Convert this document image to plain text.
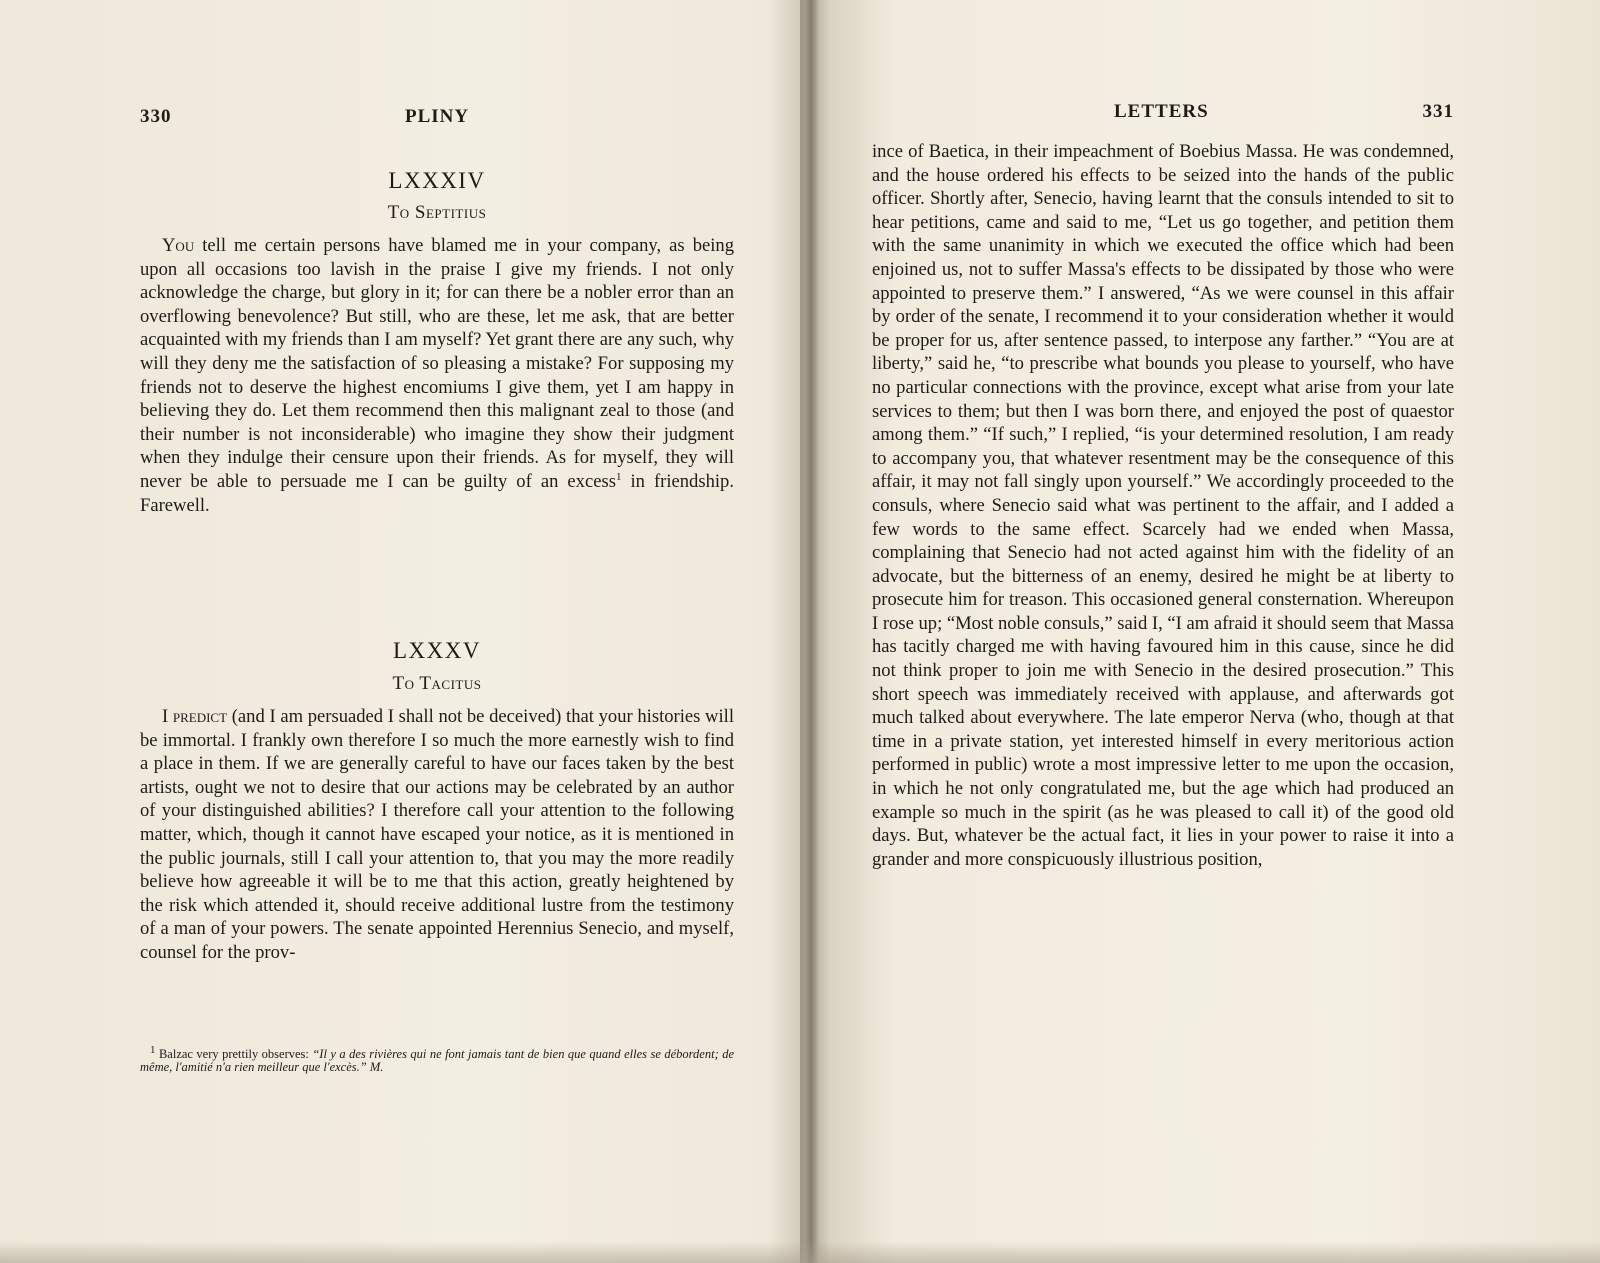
330	PLINY
LXXXIV
To Septitius

You tell me certain persons have blamed me in your company, as being upon all occasions too lavish in the praise I give my friends. I not only acknowledge the charge, but glory in it; for can there be a nobler error than an overflowing benevolence? But still, who are these, let me ask, that are better acquainted with my friends than I am myself? Yet grant there are any such, why will they deny me the satisfaction of so pleasing a mistake? For supposing my friends not to deserve the highest encomiums I give them, yet I am happy in believing they do. Let them recommend then this malignant zeal to those (and their number is not inconsiderable) who imagine they show their judgment when they indulge their censure upon their friends. As for myself, they will never be able to persuade me I can be guilty of an excess$^1$ in friendship. Farewell.

LXXXV
To Tacitus

I predict (and I am persuaded I shall not be deceived) that your histories will be immortal. I frankly own therefore I so much the more earnestly wish to find a place in them. If we are generally careful to have our faces taken by the best artists, ought we not to desire that our actions may be celebrated by an author of your distinguished abilities? I therefore call your attention to the following matter, which, though it cannot have escaped your notice, as it is mentioned in the public journals, still I call your attention to, that you may the more readily believe how agreeable it will be to me that this action, greatly heightened by the risk which attended it, should receive additional lustre from the testimony of a man of your powers. The senate appointed Herennius Senecio, and myself, counsel for the prov-

$^1$ Balzac very prettily observes: “Il y a des rivières qui ne font jamais tant de bien que quand elles se débordent; de même, l'amitié n'a rien meilleur que l'excès.” M.
LETTERS	331

ince of Baetica, in their impeachment of Boebius Massa. He was condemned, and the house ordered his effects to be seized into the hands of the public officer. Shortly after, Senecio, having learnt that the consuls intended to sit to hear petitions, came and said to me, “Let us go together, and petition them with the same unanimity in which we executed the office which had been enjoined us, not to suffer Massa's effects to be dissipated by those who were appointed to preserve them.” I answered, “As we were counsel in this affair by order of the senate, I recommend it to your consideration whether it would be proper for us, after sentence passed, to interpose any farther.” “You are at liberty,” said he, “to prescribe what bounds you please to yourself, who have no particular connections with the province, except what arise from your late services to them; but then I was born there, and enjoyed the post of quaestor among them.” “If such,” I replied, “is your determined resolution, I am ready to accompany you, that whatever resentment may be the consequence of this affair, it may not fall singly upon yourself.” We accordingly proceeded to the consuls, where Senecio said what was pertinent to the affair, and I added a few words to the same effect. Scarcely had we ended when Massa, complaining that Senecio had not acted against him with the fidelity of an advocate, but the bitterness of an enemy, desired he might be at liberty to prosecute him for treason. This occasioned general consternation. Whereupon I rose up; “Most noble consuls,” said I, “I am afraid it should seem that Massa has tacitly charged me with having favoured him in this cause, since he did not think proper to join me with Senecio in the desired prosecution.” This short speech was immediately received with applause, and afterwards got much talked about everywhere. The late emperor Nerva (who, though at that time in a private station, yet interested himself in every meritorious action performed in public) wrote a most impressive letter to me upon the occasion, in which he not only congratulated me, but the age which had produced an example so much in the spirit (as he was pleased to call it) of the good old days. But, whatever be the actual fact, it lies in your power to raise it into a grander and more conspicuously illustrious position,
